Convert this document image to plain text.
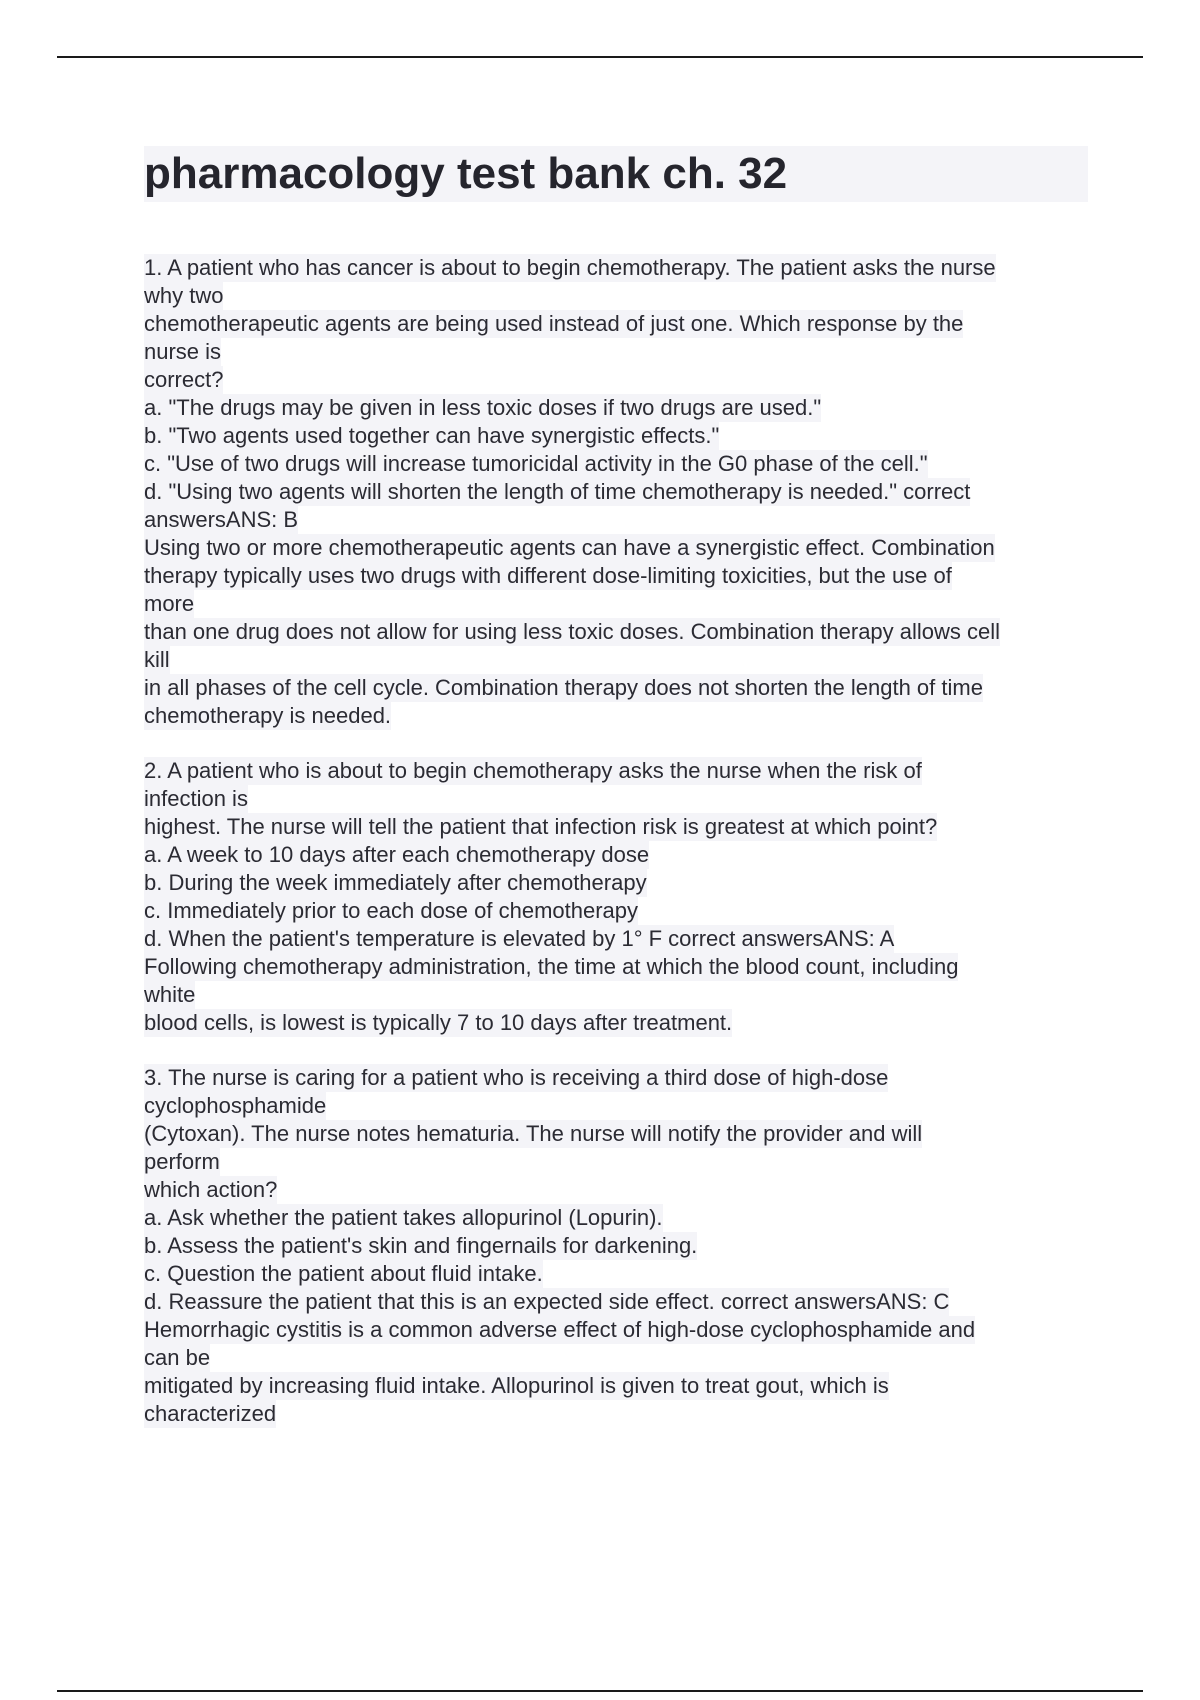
pharmacology test bank ch. 32
1. A patient who has cancer is about to begin chemotherapy. The patient asks the nurse
why two
chemotherapeutic agents are being used instead of just one. Which response by the
nurse is
correct?
a. "The drugs may be given in less toxic doses if two drugs are used."
b. "Two agents used together can have synergistic effects."
c. "Use of two drugs will increase tumoricidal activity in the G0 phase of the cell."
d. "Using two agents will shorten the length of time chemotherapy is needed." correct
answersANS: B
Using two or more chemotherapeutic agents can have a synergistic effect. Combination
therapy typically uses two drugs with different dose-limiting toxicities, but the use of
more
than one drug does not allow for using less toxic doses. Combination therapy allows cell
kill
in all phases of the cell cycle. Combination therapy does not shorten the length of time
chemotherapy is needed.
2. A patient who is about to begin chemotherapy asks the nurse when the risk of
infection is
highest. The nurse will tell the patient that infection risk is greatest at which point?
a. A week to 10 days after each chemotherapy dose
b. During the week immediately after chemotherapy
c. Immediately prior to each dose of chemotherapy
d. When the patient's temperature is elevated by 1° F correct answersANS: A
Following chemotherapy administration, the time at which the blood count, including
white
blood cells, is lowest is typically 7 to 10 days after treatment.
3. The nurse is caring for a patient who is receiving a third dose of high-dose
cyclophosphamide
(Cytoxan). The nurse notes hematuria. The nurse will notify the provider and will
perform
which action?
a. Ask whether the patient takes allopurinol (Lopurin).
b. Assess the patient's skin and fingernails for darkening.
c. Question the patient about fluid intake.
d. Reassure the patient that this is an expected side effect. correct answersANS: C
Hemorrhagic cystitis is a common adverse effect of high-dose cyclophosphamide and
can be
mitigated by increasing fluid intake. Allopurinol is given to treat gout, which is
characterized
